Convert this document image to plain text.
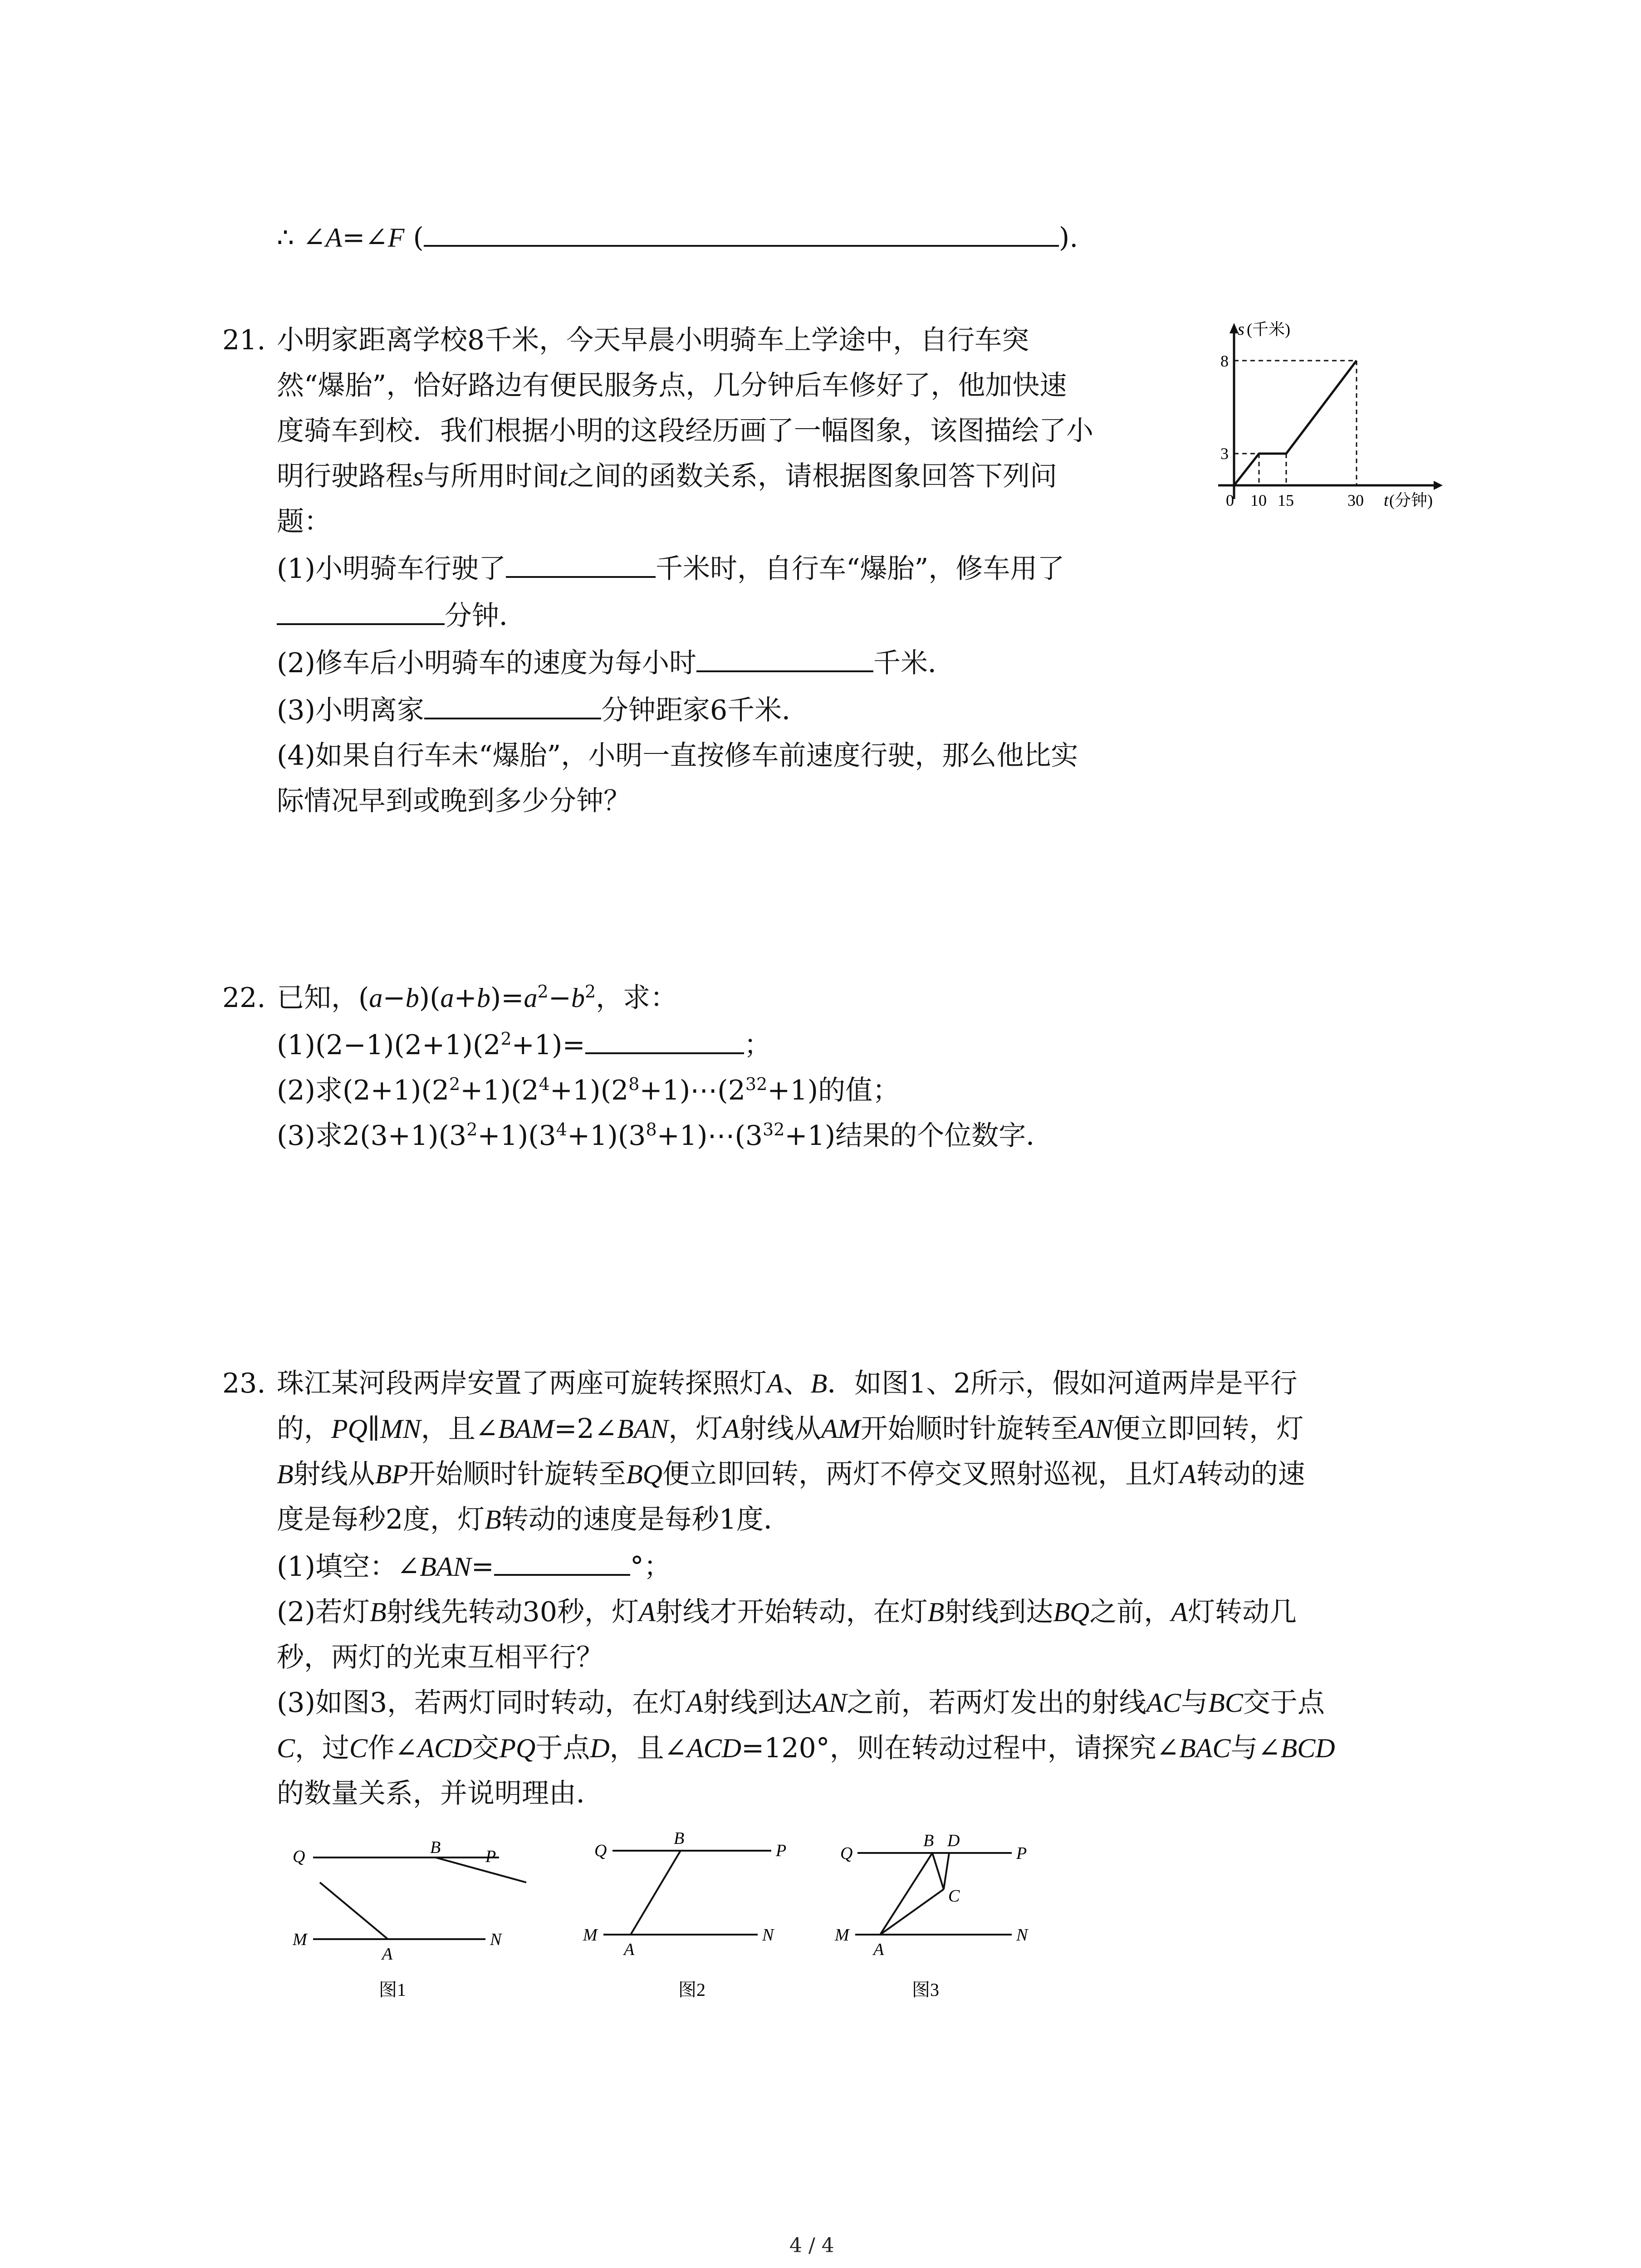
∴ ∠A=∠F (	).
21. 小明家距离学校8千米，今天早晨小明骑车上学途中，自行车突
然“爆胎”，恰好路边有便民服务点，几分钟后车修好了，他加快速
度骑车到校．我们根据小明的这段经历画了一幅图象，该图描绘了小
明行驶路程s与所用时间t之间的函数关系，请根据图象回答下列问
题：
(1)小明骑车行驶了	千米时，自行车“爆胎”，修车用了
分钟．
(2)修车后小明骑车的速度为每小时	千米．
(3)小明离家	分钟距家6千米．
(4)如果自行车未“爆胎”，小明一直按修车前速度行驶，那么他比实
际情况早到或晚到多少分钟？
s (千米)
8
3
0 10 15	30 t (分钟)
22. 已知，$(a-b)(a+b)=a^2-b^2$，求：
$(1)(2-1)(2+1)(2^2+1)=$	；
(2)求$(2+1)(2^2+1)(2^4+1)(2^8+1)\cdots(2^{32}+1)$的值；
(3)求$2(3+1)(3^2+1)(3^4+1)(3^8+1)\cdots(3^{32}+1)$结果的个位数字．
23. 珠江某河段两岸安置了两座可旋转探照灯A、B．如图1、2所示，假如河道两岸是平行
的，PQ∥MN，且∠BAM=2∠BAN，灯A射线从AM开始顺时针旋转至AN便立即回转，灯
B射线从BP开始顺时针旋转至BQ便立即回转，两灯不停交叉照射巡视，且灯A转动的速
度是每秒2度，灯B转动的速度是每秒1度．
(1)填空：∠BAN=	°；
(2)若灯B射线先转动30秒，灯A射线才开始转动，在灯B射线到达BQ之前，A灯转动几
秒，两灯的光束互相平行？
(3)如图3，若两灯同时转动，在灯A射线到达AN之前，若两灯发出的射线AC与BC交于点
C，过C作∠ACD交PQ于点D，且∠ACD=120°，则在转动过程中，请探究∠BAC与∠BCD
的数量关系，并说明理由．
Q	B	P
M
A
N
图1
Q
B
P
M
A
N
图2
Q
B D
P
C
M
A
N
图3
4 / 4
